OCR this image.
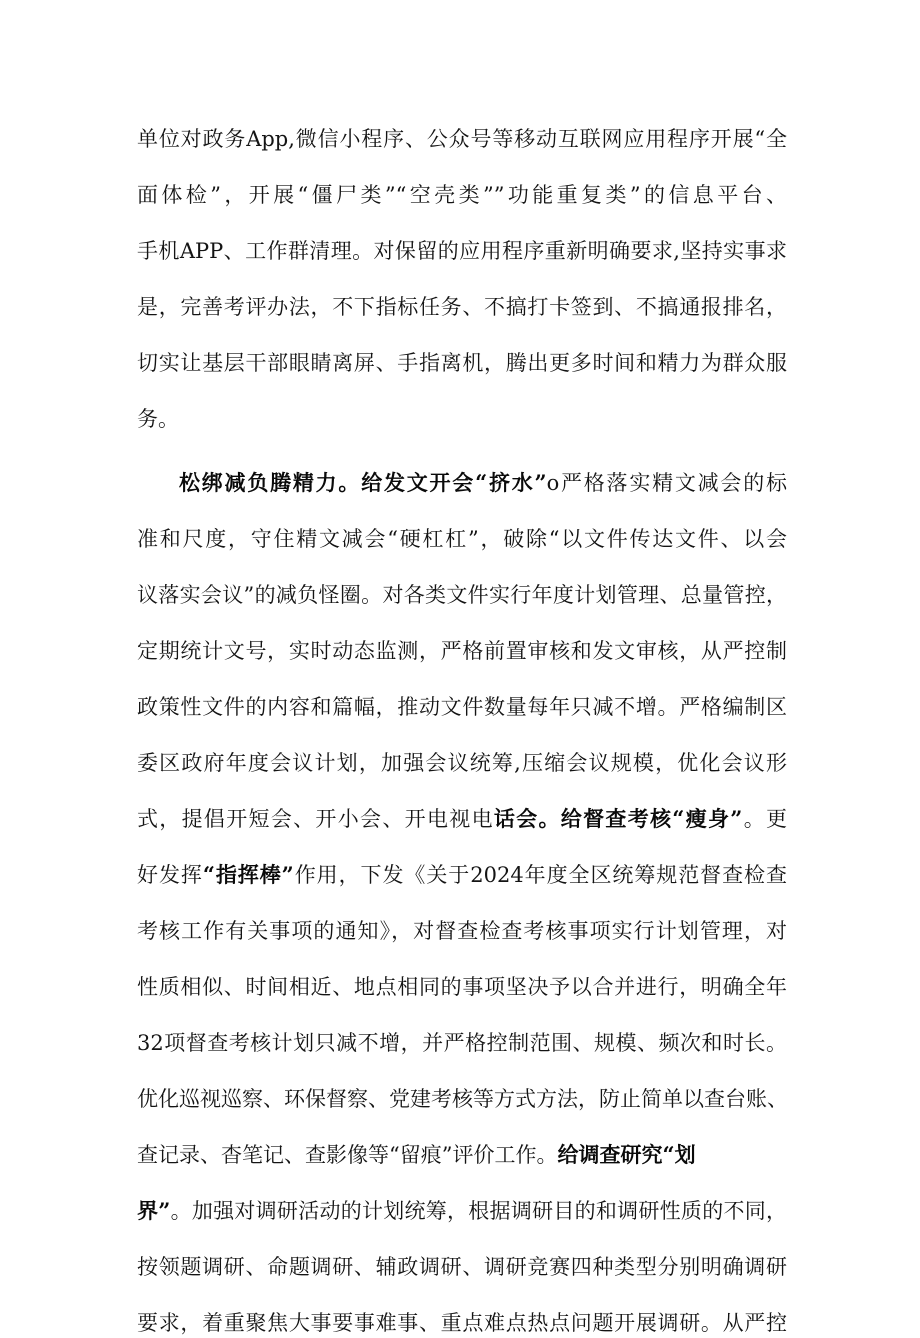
单位对政务App,微信小程序、公众号等移动互联网应用程序开展“全
面体检”，开展“僵尸类”“空壳类””功能重复类”的信息平台、
手机APP、工作群清理。对保留的应用程序重新明确要求,坚持实事求
是，完善考评办法，不下指标任务、不搞打卡签到、不搞通报排名，
切实让基层干部眼睛离屏、手指离机，腾出更多时间和精力为群众服
务。
松绑减负腾精力。给发文开会“挤水”o严格落实精文减会的标
准和尺度，守住精文减会“硬杠杠”，破除“以文件传达文件、以会
议落实会议”的减负怪圈。对各类文件实行年度计划管理、总量管控，
定期统计文号，实时动态监测，严格前置审核和发文审核，从严控制
政策性文件的内容和篇幅，推动文件数量每年只减不增。严格编制区
委区政府年度会议计划，加强会议统筹,压缩会议规模，优化会议形
式，提倡开短会、开小会、开电视电话会。给督查考核“瘦身”。更
好发挥“指挥棒”作用，下发《关于2024年度全区统筹规范督查检查
考核工作有关事项的通知》，对督查检查考核事项实行计划管理，对
性质相似、时间相近、地点相同的事项坚决予以合并进行，明确全年
32项督查考核计划只减不增，并严格控制范围、规模、频次和时长。
优化巡视巡察、环保督察、党建考核等方式方法，防止简单以查台账、
查记录、杳笔记、查影像等“留痕”评价工作。给调查研究“划
界”。加强对调研活动的计划统筹，根据调研目的和调研性质的不同，
按领题调研、命题调研、辅政调研、调研竞赛四种类型分别明确调研
要求，着重聚焦大事要事难事、重点难点热点问题开展调研。从严控
